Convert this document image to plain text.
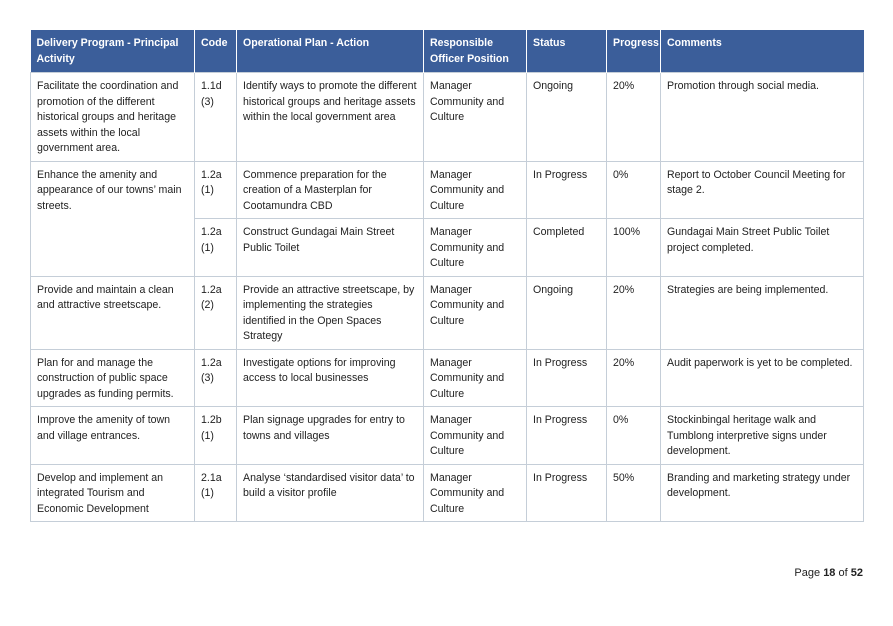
Delivery Program - Principal Activity	Code	Operational Plan - Action	Responsible Officer Position	Status	Progress	Comments
Facilitate the coordination and promotion of the different historical groups and heritage assets within the local government area.	1.1d (3)	Identify ways to promote the different historical groups and heritage assets within the local government area	Manager Community and Culture	Ongoing	20%	Promotion through social media.
Enhance the amenity and appearance of our towns’ main streets.	1.2a (1)	Commence preparation for the creation of a Masterplan for Cootamundra CBD	Manager Community and Culture	In Progress	0%	Report to October Council Meeting for stage 2.
	1.2a (1)	Construct Gundagai Main Street Public Toilet	Manager Community and Culture	Completed	100%	Gundagai Main Street Public Toilet project completed.
Provide and maintain a clean and attractive streetscape.	1.2a (2)	Provide an attractive streetscape, by implementing the strategies identified in the Open Spaces Strategy	Manager Community and Culture	Ongoing	20%	Strategies are being implemented.
Plan for and manage the construction of public space upgrades as funding permits.	1.2a (3)	Investigate options for improving access to local businesses	Manager Community and Culture	In Progress	20%	Audit paperwork is yet to be completed.
Improve the amenity of town and village entrances.	1.2b (1)	Plan signage upgrades for entry to towns and villages	Manager Community and Culture	In Progress	0%	Stockinbingal heritage walk and Tumblong interpretive signs under development.
Develop and implement an integrated Tourism and Economic Development	2.1a (1)	Analyse ‘standardised visitor data’ to build a visitor profile	Manager Community and Culture	In Progress	50%	Branding and marketing strategy under development.
Page 18 of 52
